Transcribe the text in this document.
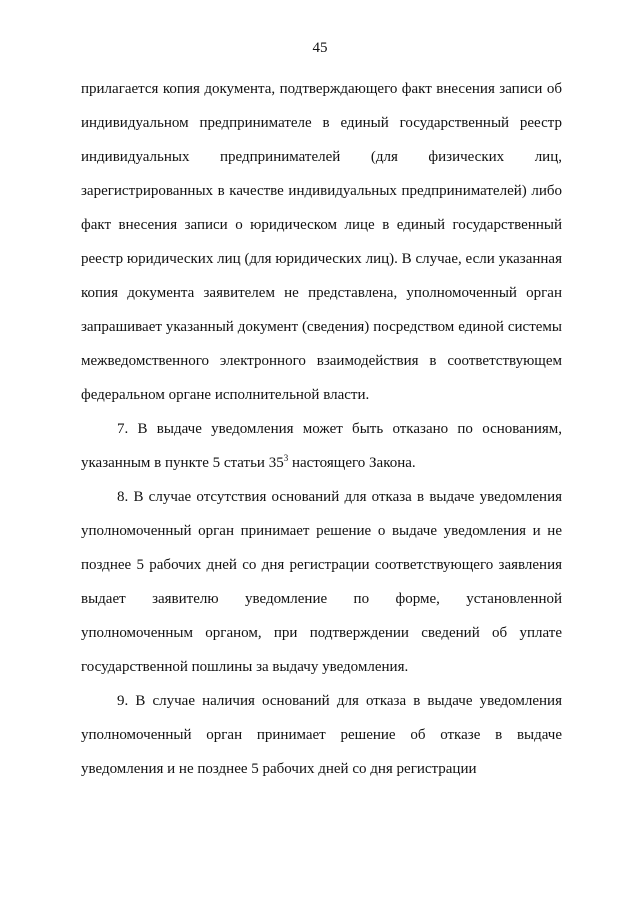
45

прилагается копия документа, подтверждающего факт внесения записи об индивидуальном предпринимателе в единый государственный реестр индивидуальных предпринимателей (для физических лиц, зарегистрированных в качестве индивидуальных предпринимателей) либо факт внесения записи о юридическом лице в единый государственный реестр юридических лиц (для юридических лиц). В случае, если указанная копия документа заявителем не представлена, уполномоченный орган запрашивает указанный документ (сведения) посредством единой системы межведомственного электронного взаимодействия в соответствующем федеральном органе исполнительной власти.

7. В выдаче уведомления может быть отказано по основаниям, указанным в пункте 5 статьи $35^3$ настоящего Закона.

8. В случае отсутствия оснований для отказа в выдаче уведомления уполномоченный орган принимает решение о выдаче уведомления и не позднее 5 рабочих дней со дня регистрации соответствующего заявления выдает заявителю уведомление по форме, установленной уполномоченным органом, при подтверждении сведений об уплате государственной пошлины за выдачу уведомления.

9. В случае наличия оснований для отказа в выдаче уведомления уполномоченный орган принимает решение об отказе в выдаче уведомления и не позднее 5 рабочих дней со дня регистрации
